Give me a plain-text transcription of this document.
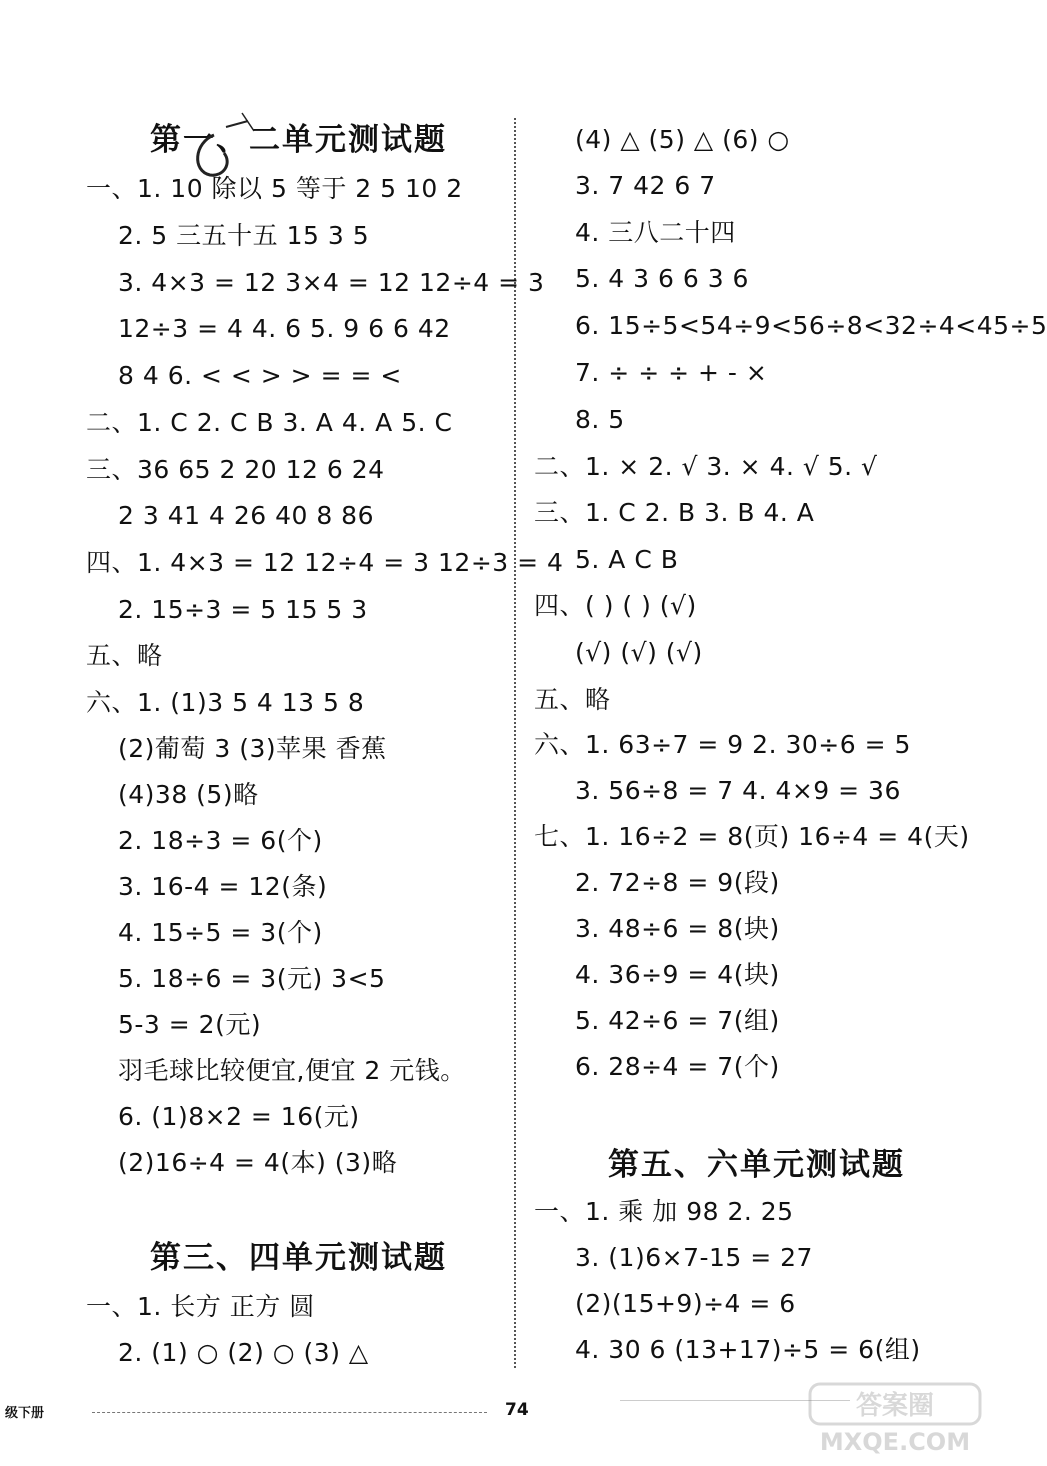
第一、二单元测试题
一、1. 10 除以 5 等于 2 5 10 2
2. 5 三五十五 15 3 5
3. 4×3 = 12 3×4 = 12 12÷4 = 3
12÷3 = 4 4. 6 5. 9 6 6 42
8 4 6. < < > > = = <
二、1. C 2. C B 3. A 4. A 5. C
三、36 65 2 20 12 6 24
2 3 41 4 26 40 8 86
四、1. 4×3 = 12 12÷4 = 3 12÷3 = 4
2. 15÷3 = 5 15 5 3
五、略
六、1. (1)3 5 4 13 5 8
(2)葡萄 3 (3)苹果 香蕉
(4)38 (5)略
2. 18÷3 = 6(个)
3. 16-4 = 12(条)
4. 15÷5 = 3(个)
5. 18÷6 = 3(元) 3<5
5-3 = 2(元)
羽毛球比较便宜,便宜 2 元钱。
6. (1)8×2 = 16(元)
(2)16÷4 = 4(本) (3)略
第三、四单元测试题
一、1. 长方 正方 圆
2. (1) ○ (2) ○ (3) △
(4) △ (5) △ (6) ○
3. 7 42 6 7
4. 三八二十四
5. 4 3 6 6 3 6
6. 15÷5<54÷9<56÷8<32÷4<45÷5
7. ÷ ÷ ÷ + - ×
8. 5
二、1. × 2. √ 3. × 4. √ 5. √
三、1. C 2. B 3. B 4. A
5. A C B
四、( ) ( ) (√)
(√) (√) (√)
五、略
六、1. 63÷7 = 9 2. 30÷6 = 5
3. 56÷8 = 7 4. 4×9 = 36
七、1. 16÷2 = 8(页) 16÷4 = 4(天)
2. 72÷8 = 9(段)
3. 48÷6 = 8(块)
4. 36÷9 = 4(块)
5. 42÷6 = 7(组)
6. 28÷4 = 7(个)
第五、六单元测试题
一、1. 乘 加 98 2. 25
3. (1)6×7-15 = 27
(2)(15+9)÷4 = 6
4. 30 6 (13+17)÷5 = 6(组)
级下册	74	答案圈
MXQE.COM
